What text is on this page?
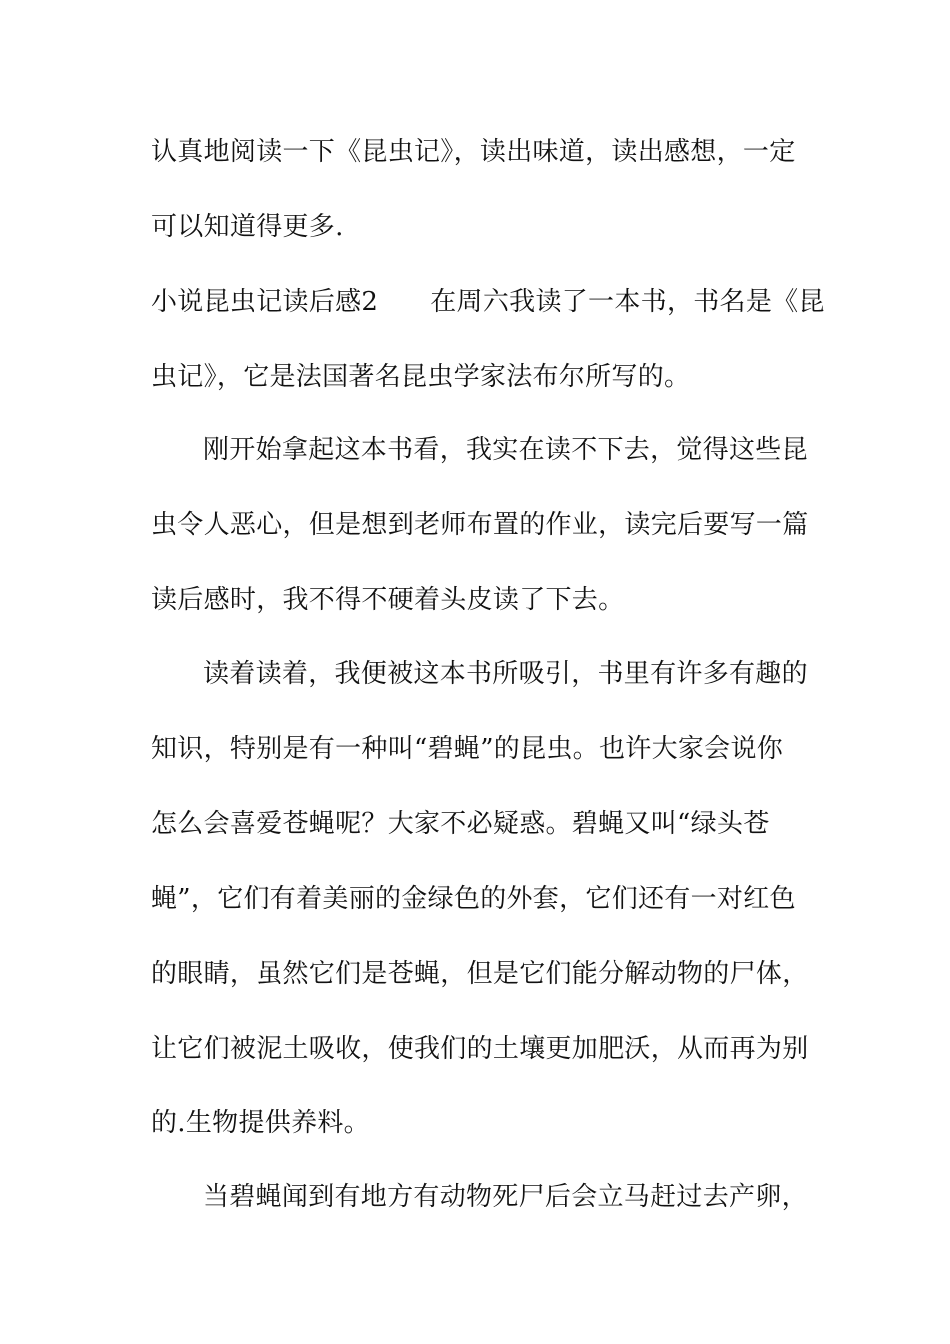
认真地阅读一下《昆虫记》，读出味道，读出感想，一定
可以知道得更多.
小说昆虫记读后感2 在周六我读了一本书，书名是《昆
虫记》，它是法国著名昆虫学家法布尔所写的。
刚开始拿起这本书看，我实在读不下去，觉得这些昆
虫令人恶心，但是想到老师布置的作业，读完后要写一篇
读后感时，我不得不硬着头皮读了下去。
读着读着，我便被这本书所吸引，书里有许多有趣的
知识，特别是有一种叫“碧蝇”的昆虫。也许大家会说你
怎么会喜爱苍蝇呢？大家不必疑惑。碧蝇又叫“绿头苍
蝇”，它们有着美丽的金绿色的外套，它们还有一对红色
的眼睛，虽然它们是苍蝇，但是它们能分解动物的尸体，
让它们被泥土吸收，使我们的土壤更加肥沃，从而再为别
的.生物提供养料。
当碧蝇闻到有地方有动物死尸后会立马赶过去产卵，
